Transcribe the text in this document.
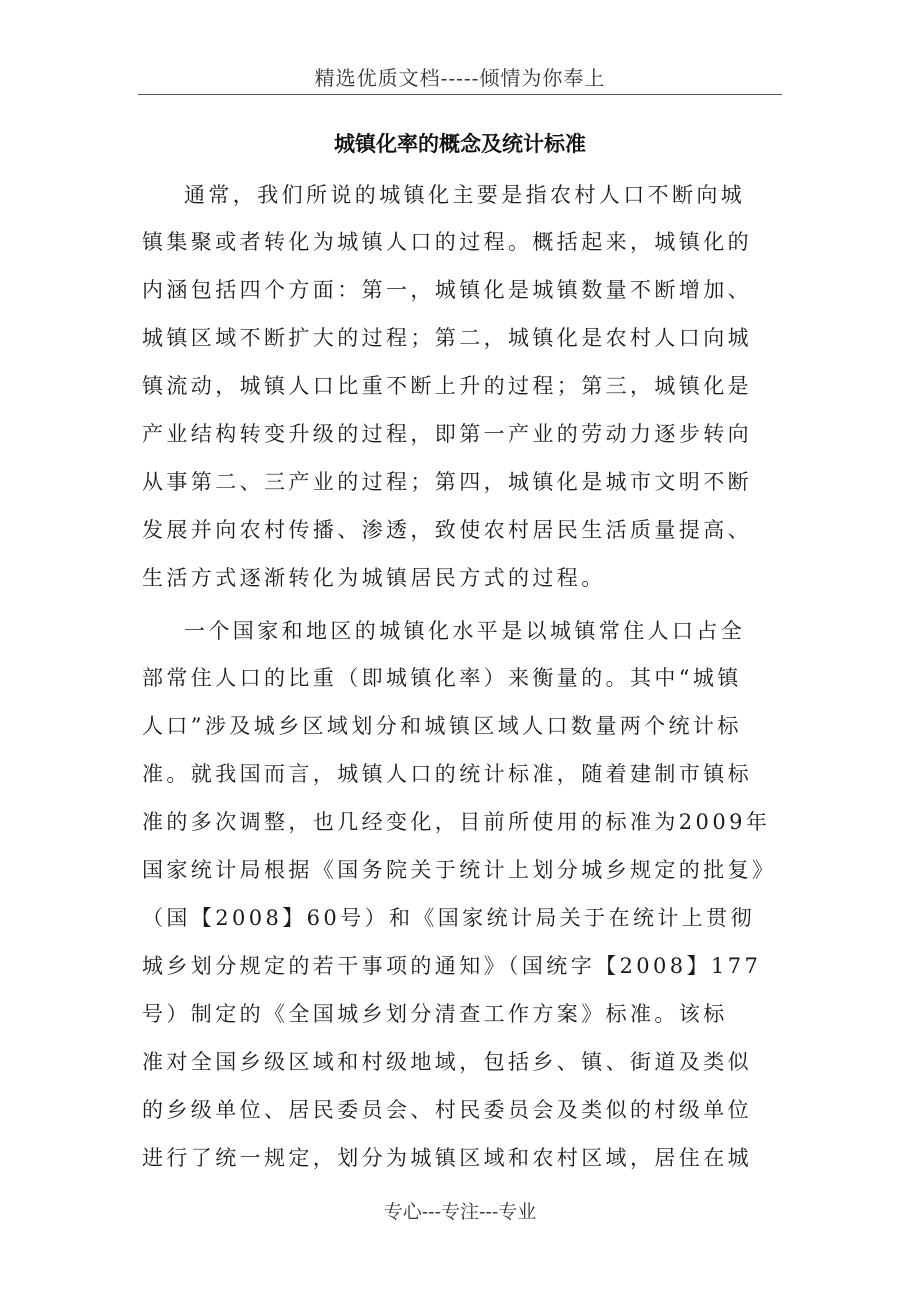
精选优质文档-----倾情为你奉上
城镇化率的概念及统计标准
通常，我们所说的城镇化主要是指农村人口不断向城
镇集聚或者转化为城镇人口的过程。概括起来，城镇化的
内涵包括四个方面：第一，城镇化是城镇数量不断增加、
城镇区域不断扩大的过程；第二，城镇化是农村人口向城
镇流动，城镇人口比重不断上升的过程；第三，城镇化是
产业结构转变升级的过程，即第一产业的劳动力逐步转向
从事第二、三产业的过程；第四，城镇化是城市文明不断
发展并向农村传播、渗透，致使农村居民生活质量提高、
生活方式逐渐转化为城镇居民方式的过程。
一个国家和地区的城镇化水平是以城镇常住人口占全
部常住人口的比重（即城镇化率）来衡量的。其中“城镇
人口”涉及城乡区域划分和城镇区域人口数量两个统计标
准。就我国而言，城镇人口的统计标准，随着建制市镇标
准的多次调整，也几经变化，目前所使用的标准为2009年
国家统计局根据《国务院关于统计上划分城乡规定的批复》
（国【2008】60号）和《国家统计局关于在统计上贯彻
城乡划分规定的若干事项的通知》（国统字【2008】177
号）制定的《全国城乡划分清查工作方案》标准。该标
准对全国乡级区域和村级地域，包括乡、镇、街道及类似
的乡级单位、居民委员会、村民委员会及类似的村级单位
进行了统一规定，划分为城镇区域和农村区域，居住在城
专心---专注---专业
